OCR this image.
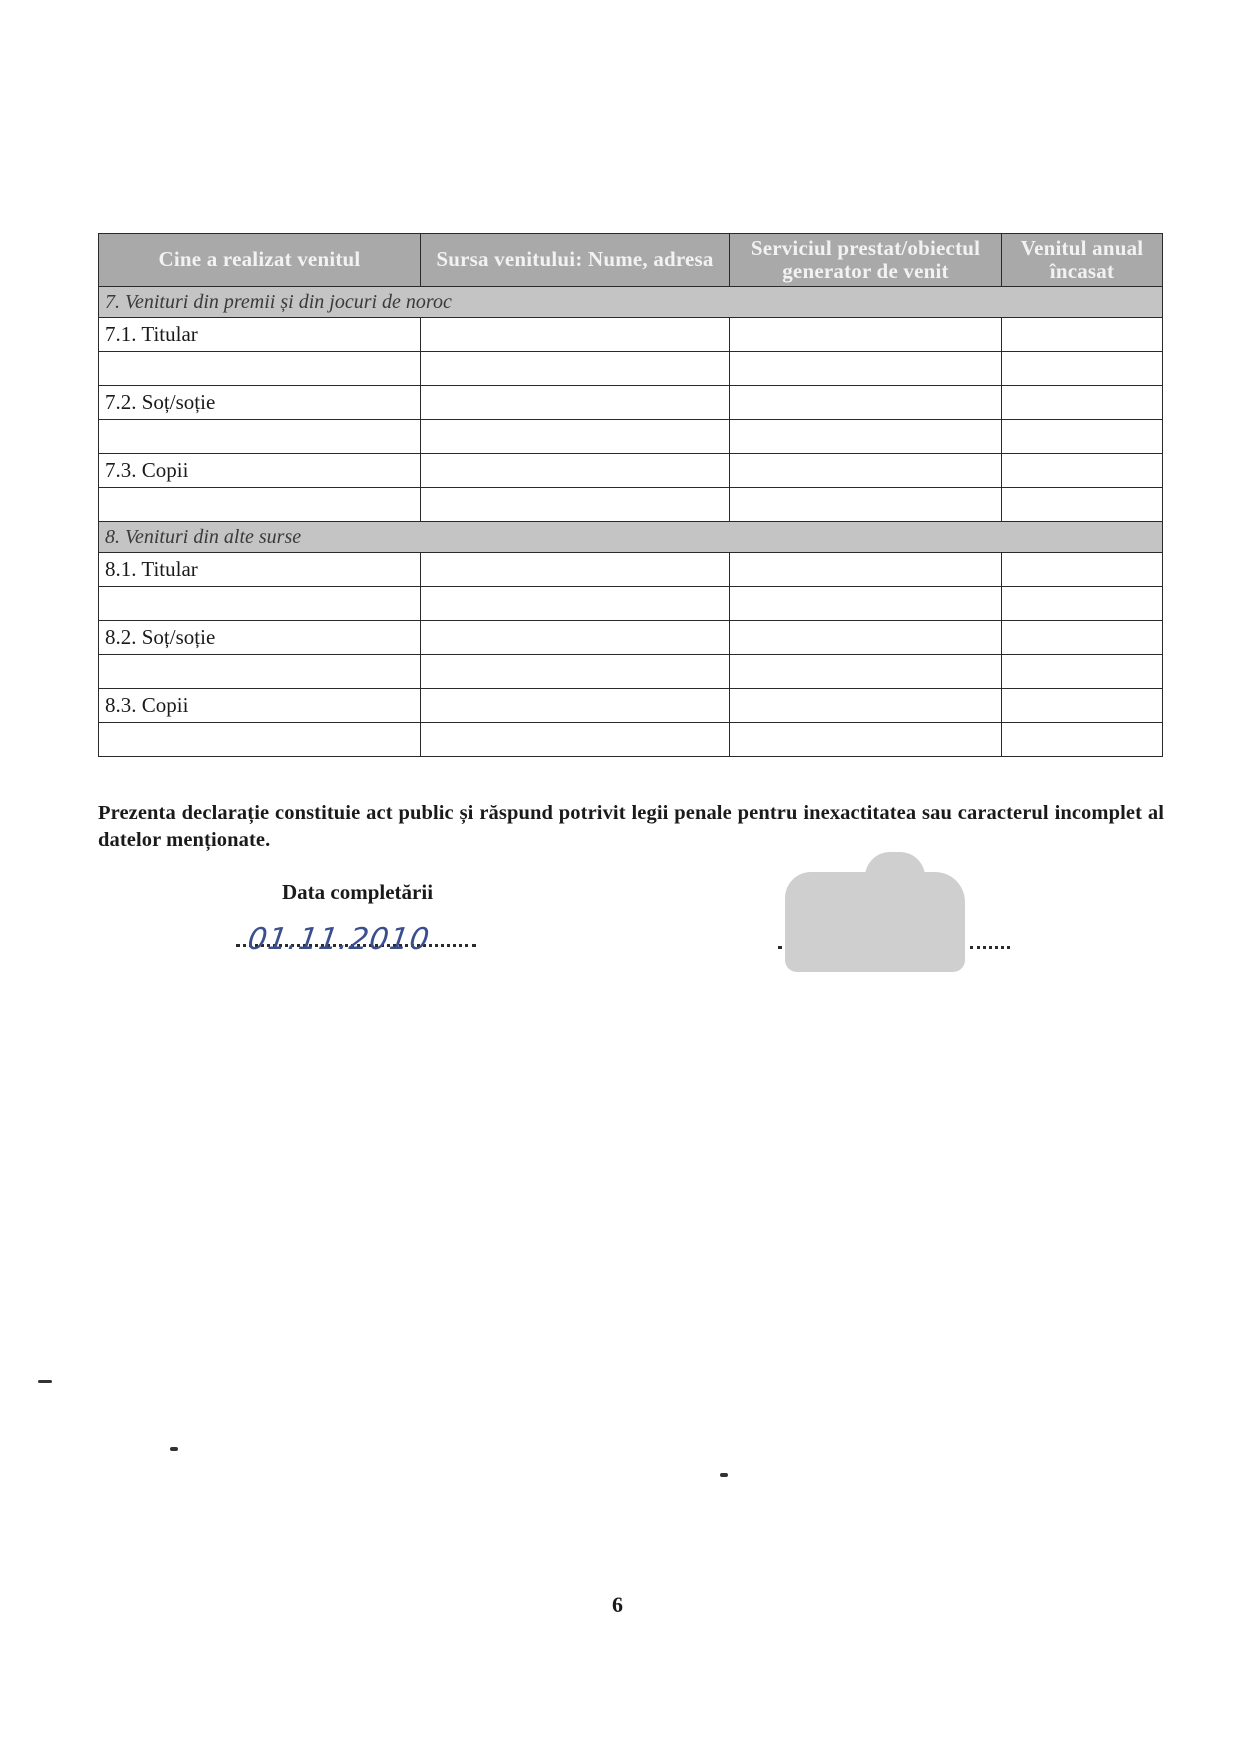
Cine a realizat venitul	Sursa venitului: Nume, adresa	Serviciul prestat/obiectul generator de venit	Venitul anual încasat
7. Venituri din premii și din jocuri de noroc			
7.1. Titular			

7.2. Soț/soție			

7.3. Copii			

8. Venituri din alte surse			
8.1. Titular			

8.2. Soț/soție			

8.3. Copii			

Prezenta declarație constituie act public și răspund potrivit legii penale pentru inexactitatea sau caracterul incomplet al datelor menționate.
Data completării
01.11.2010
6
